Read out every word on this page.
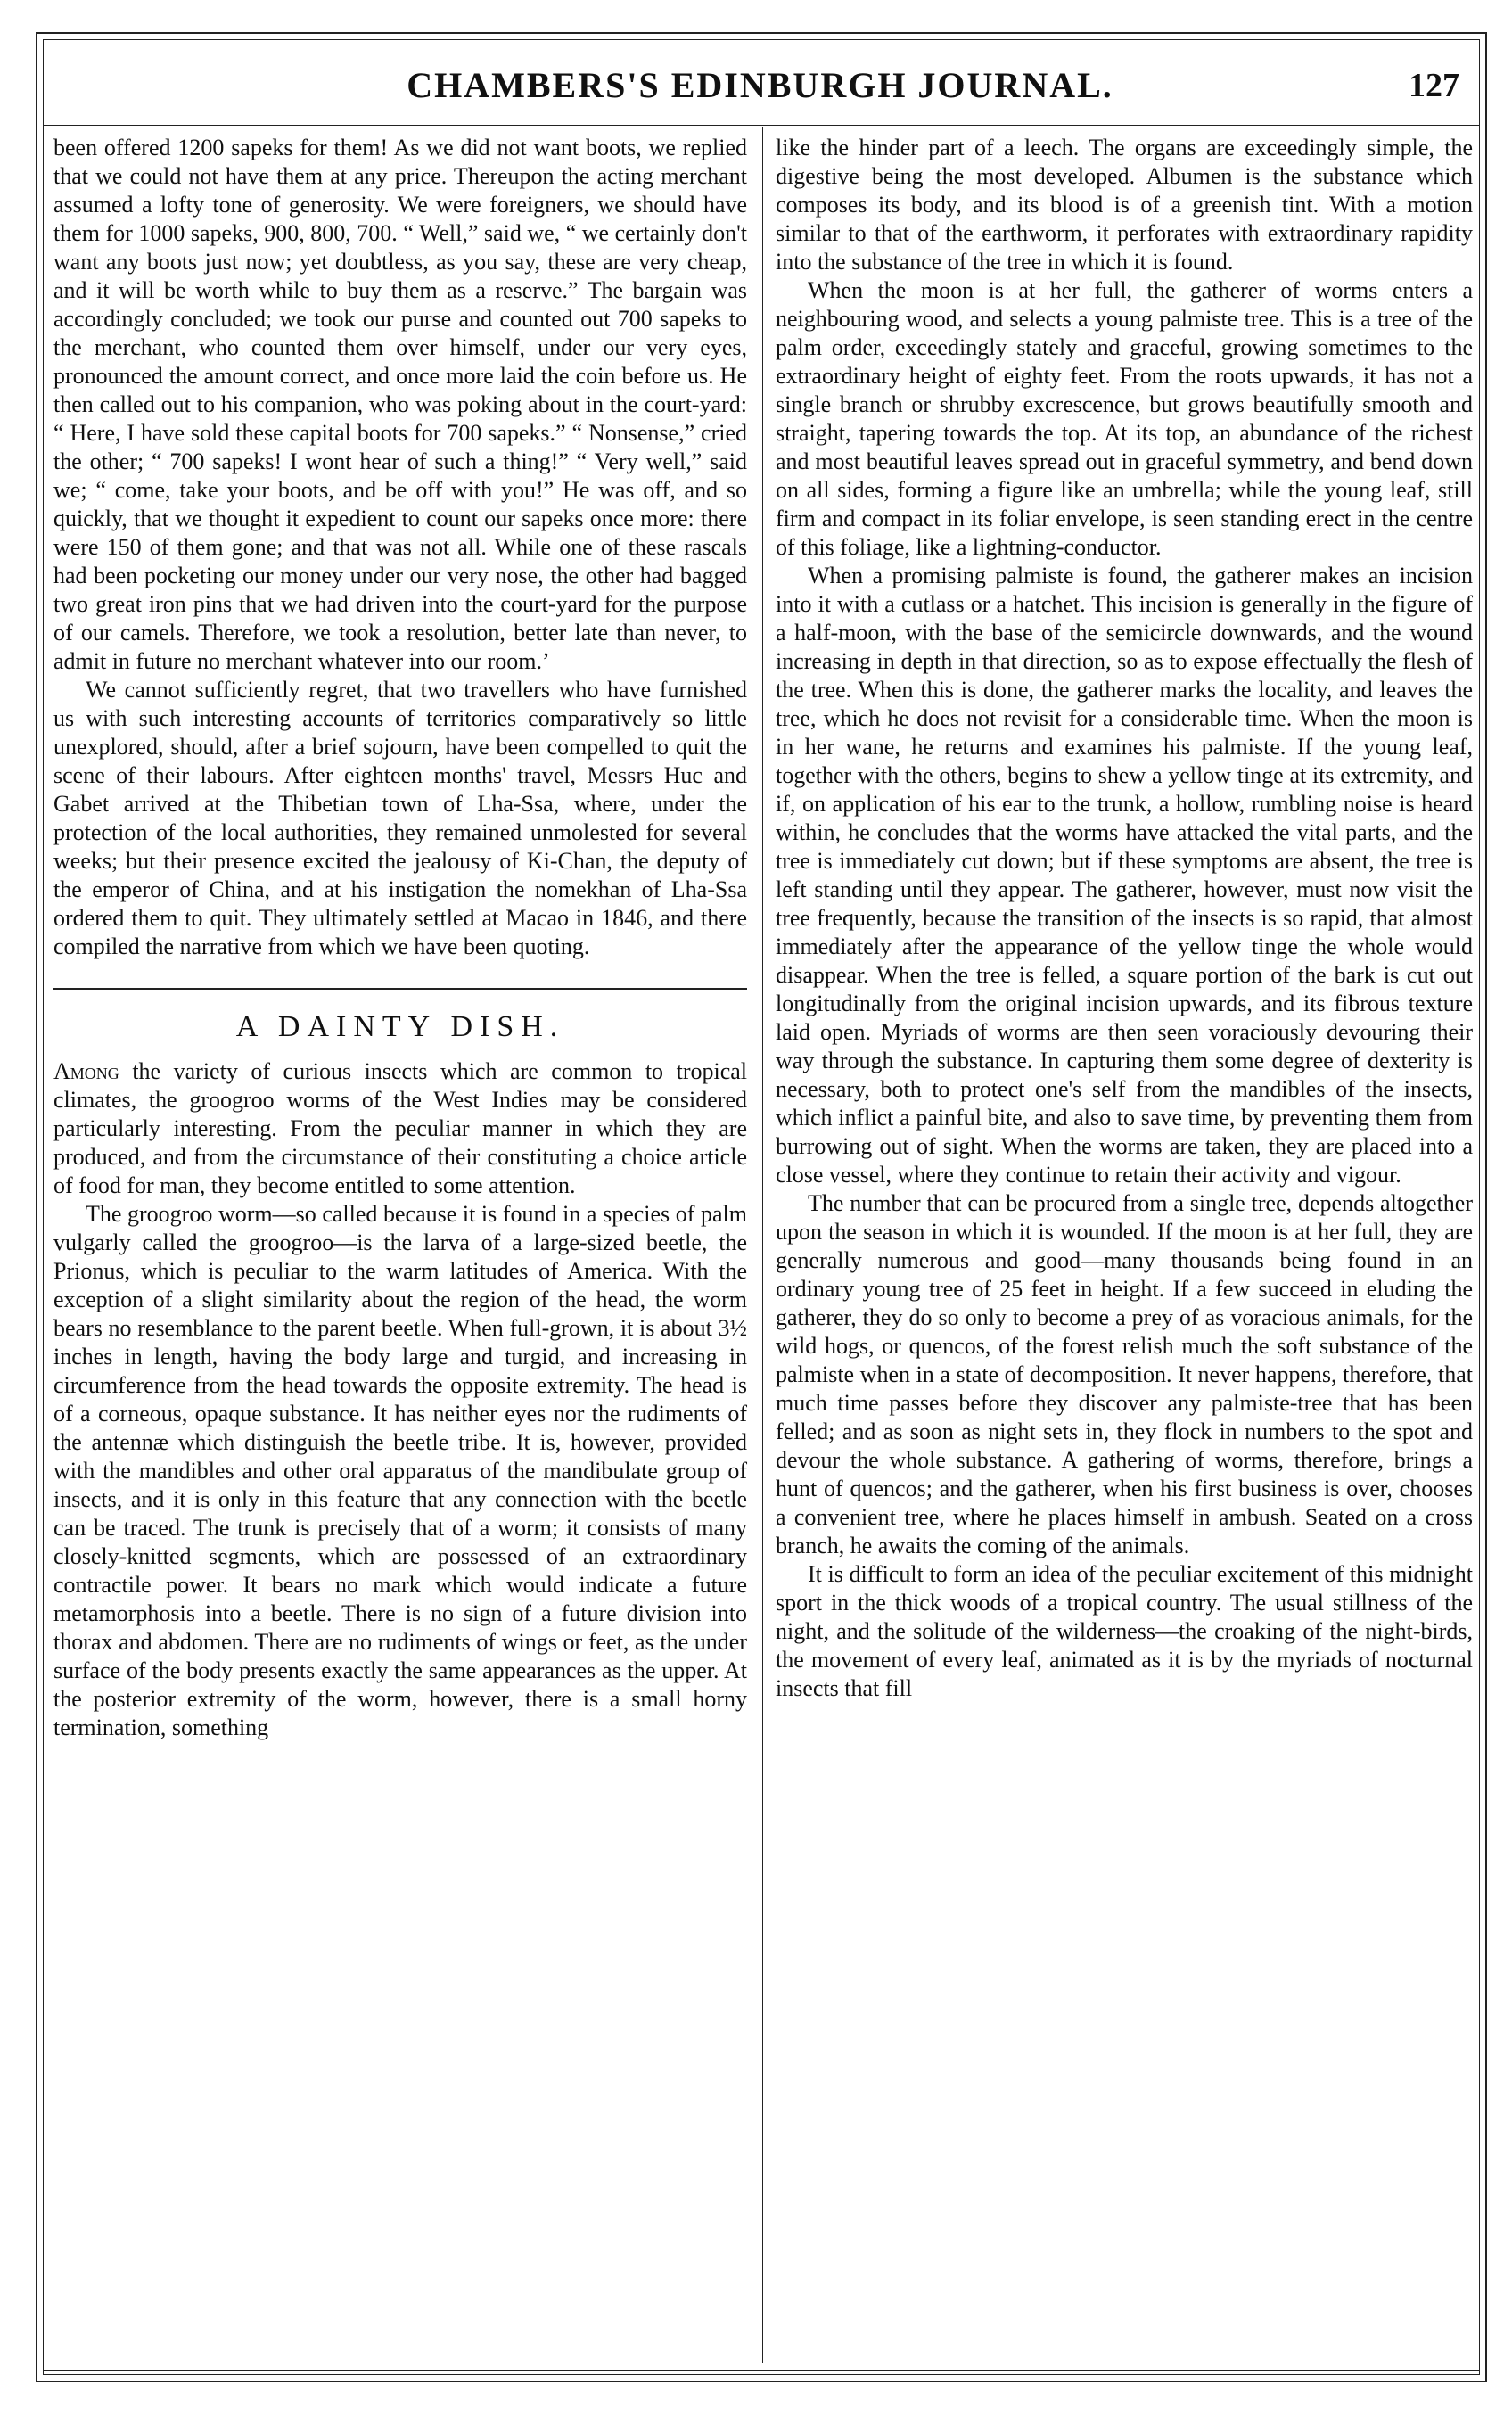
CHAMBERS'S EDINBURGH JOURNAL.	127

been offered 1200 sapeks for them! As we did not want boots, we replied that we could not have them at any price. Thereupon the acting merchant assumed a lofty tone of generosity. We were foreigners, we should have them for 1000 sapeks, 900, 800, 700. “ Well,” said we, “ we certainly don't want any boots just now; yet doubtless, as you say, these are very cheap, and it will be worth while to buy them as a reserve.” The bargain was accordingly concluded; we took our purse and counted out 700 sapeks to the merchant, who counted them over himself, under our very eyes, pronounced the amount correct, and once more laid the coin before us. He then called out to his companion, who was poking about in the court-yard: “ Here, I have sold these capital boots for 700 sapeks.” “ Nonsense,” cried the other; “ 700 sapeks! I wont hear of such a thing!” “ Very well,” said we; “ come, take your boots, and be off with you!” He was off, and so quickly, that we thought it expedient to count our sapeks once more: there were 150 of them gone; and that was not all. While one of these rascals had been pocketing our money under our very nose, the other had bagged two great iron pins that we had driven into the court-yard for the purpose of our camels. Therefore, we took a resolution, better late than never, to admit in future no merchant whatever into our room.’

We cannot sufficiently regret, that two travellers who have furnished us with such interesting accounts of territories comparatively so little unexplored, should, after a brief sojourn, have been compelled to quit the scene of their labours. After eighteen months' travel, Messrs Huc and Gabet arrived at the Thibetian town of Lha-Ssa, where, under the protection of the local authorities, they remained unmolested for several weeks; but their presence excited the jealousy of Ki-Chan, the deputy of the emperor of China, and at his instigation the nomekhan of Lha-Ssa ordered them to quit. They ultimately settled at Macao in 1846, and there compiled the narrative from which we have been quoting.

A DAINTY DISH.

Among the variety of curious insects which are common to tropical climates, the groogroo worms of the West Indies may be considered particularly interesting. From the peculiar manner in which they are produced, and from the circumstance of their constituting a choice article of food for man, they become entitled to some attention.

The groogroo worm—so called because it is found in a species of palm vulgarly called the groogroo—is the larva of a large-sized beetle, the Prionus, which is peculiar to the warm latitudes of America. With the exception of a slight similarity about the region of the head, the worm bears no resemblance to the parent beetle. When full-grown, it is about 3½ inches in length, having the body large and turgid, and increasing in circumference from the head towards the opposite extremity. The head is of a corneous, opaque substance. It has neither eyes nor the rudiments of the antennæ which distinguish the beetle tribe. It is, however, provided with the mandibles and other oral apparatus of the mandibulate group of insects, and it is only in this feature that any connection with the beetle can be traced. The trunk is precisely that of a worm; it consists of many closely-knitted segments, which are possessed of an extraordinary contractile power. It bears no mark which would indicate a future metamorphosis into a beetle. There is no sign of a future division into thorax and abdomen. There are no rudiments of wings or feet, as the under surface of the body presents exactly the same appearances as the upper. At the posterior extremity of the worm, however, there is a small horny termination, something

like the hinder part of a leech. The organs are exceedingly simple, the digestive being the most developed. Albumen is the substance which composes its body, and its blood is of a greenish tint. With a motion similar to that of the earthworm, it perforates with extraordinary rapidity into the substance of the tree in which it is found.

When the moon is at her full, the gatherer of worms enters a neighbouring wood, and selects a young palmiste tree. This is a tree of the palm order, exceedingly stately and graceful, growing sometimes to the extraordinary height of eighty feet. From the roots upwards, it has not a single branch or shrubby excrescence, but grows beautifully smooth and straight, tapering towards the top. At its top, an abundance of the richest and most beautiful leaves spread out in graceful symmetry, and bend down on all sides, forming a figure like an umbrella; while the young leaf, still firm and compact in its foliar envelope, is seen standing erect in the centre of this foliage, like a lightning-conductor.

When a promising palmiste is found, the gatherer makes an incision into it with a cutlass or a hatchet. This incision is generally in the figure of a half-moon, with the base of the semicircle downwards, and the wound increasing in depth in that direction, so as to expose effectually the flesh of the tree. When this is done, the gatherer marks the locality, and leaves the tree, which he does not revisit for a considerable time. When the moon is in her wane, he returns and examines his palmiste. If the young leaf, together with the others, begins to shew a yellow tinge at its extremity, and if, on application of his ear to the trunk, a hollow, rumbling noise is heard within, he concludes that the worms have attacked the vital parts, and the tree is immediately cut down; but if these symptoms are absent, the tree is left standing until they appear. The gatherer, however, must now visit the tree frequently, because the transition of the insects is so rapid, that almost immediately after the appearance of the yellow tinge the whole would disappear. When the tree is felled, a square portion of the bark is cut out longitudinally from the original incision upwards, and its fibrous texture laid open. Myriads of worms are then seen voraciously devouring their way through the substance. In capturing them some degree of dexterity is necessary, both to protect one's self from the mandibles of the insects, which inflict a painful bite, and also to save time, by preventing them from burrowing out of sight. When the worms are taken, they are placed into a close vessel, where they continue to retain their activity and vigour.

The number that can be procured from a single tree, depends altogether upon the season in which it is wounded. If the moon is at her full, they are generally numerous and good—many thousands being found in an ordinary young tree of 25 feet in height. If a few succeed in eluding the gatherer, they do so only to become a prey of as voracious animals, for the wild hogs, or quencos, of the forest relish much the soft substance of the palmiste when in a state of decomposition. It never happens, therefore, that much time passes before they discover any palmiste-tree that has been felled; and as soon as night sets in, they flock in numbers to the spot and devour the whole substance. A gathering of worms, therefore, brings a hunt of quencos; and the gatherer, when his first business is over, chooses a convenient tree, where he places himself in ambush. Seated on a cross branch, he awaits the coming of the animals.

It is difficult to form an idea of the peculiar excitement of this midnight sport in the thick woods of a tropical country. The usual stillness of the night, and the solitude of the wilderness—the croaking of the night-birds, the movement of every leaf, animated as it is by the myriads of nocturnal insects that fill
